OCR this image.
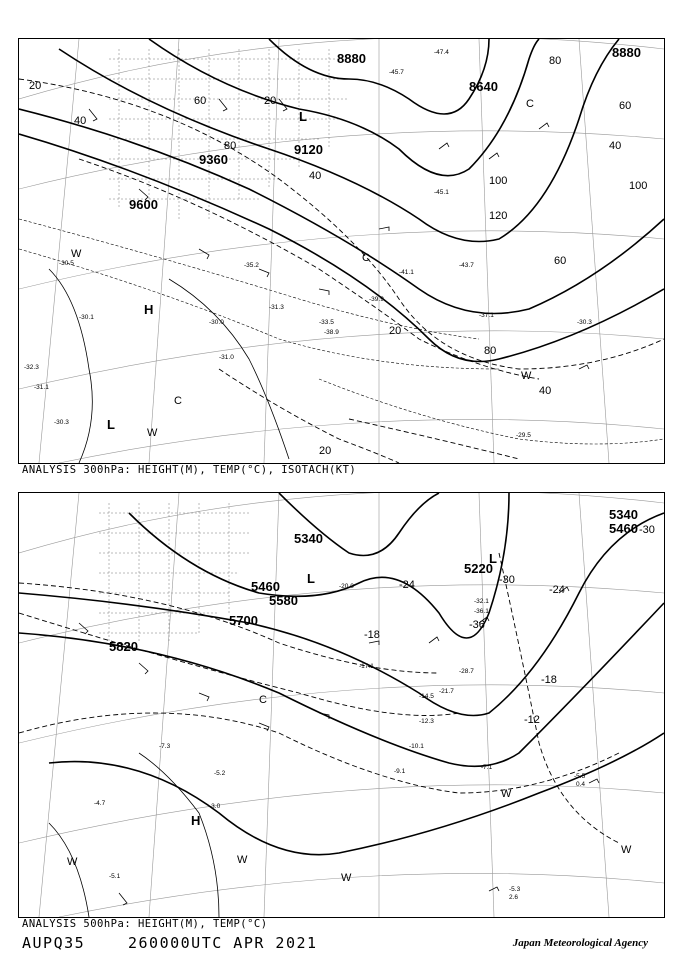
9600
9360
9120
8880
8640
8880
20
40
60
80
100
120
40
60
80
20
40
60
80
100
20
40
20
H
L
L
W
C
W
C
W
C
-30.5
-31.1
-30.3
-32.3
-31.0
-30.1
-30.0
-31.3
-33.5
-39.9
-37.1
-41.1
-43.7
-45.1
-47.4
-30.3
-29.5
-35.2
-38.9
-45.7
ANALYSIS 300hPa: HEIGHT(M), TEMP(°C), ISOTACH(KT)
5340
5460
5580
5700
5820
5340
5460
5220
-30
-24
-18
-12
-30
-36
-24
-18
H
L
L
W	W
W
W
W
C
-5.5
0.4
-5.3
2.6
-3.0
-7.1
-10.1
-12.3
-14.5
-17.1
-21.7
-28.7
-32.1
-36.1
-20.0
-9.1
-5.2
-4.7
-7.3
-5.1
ANALYSIS 500hPa: HEIGHT(M), TEMP(°C)
AUPQ35	260000UTC APR 2021	Japan Meteorological Agency
